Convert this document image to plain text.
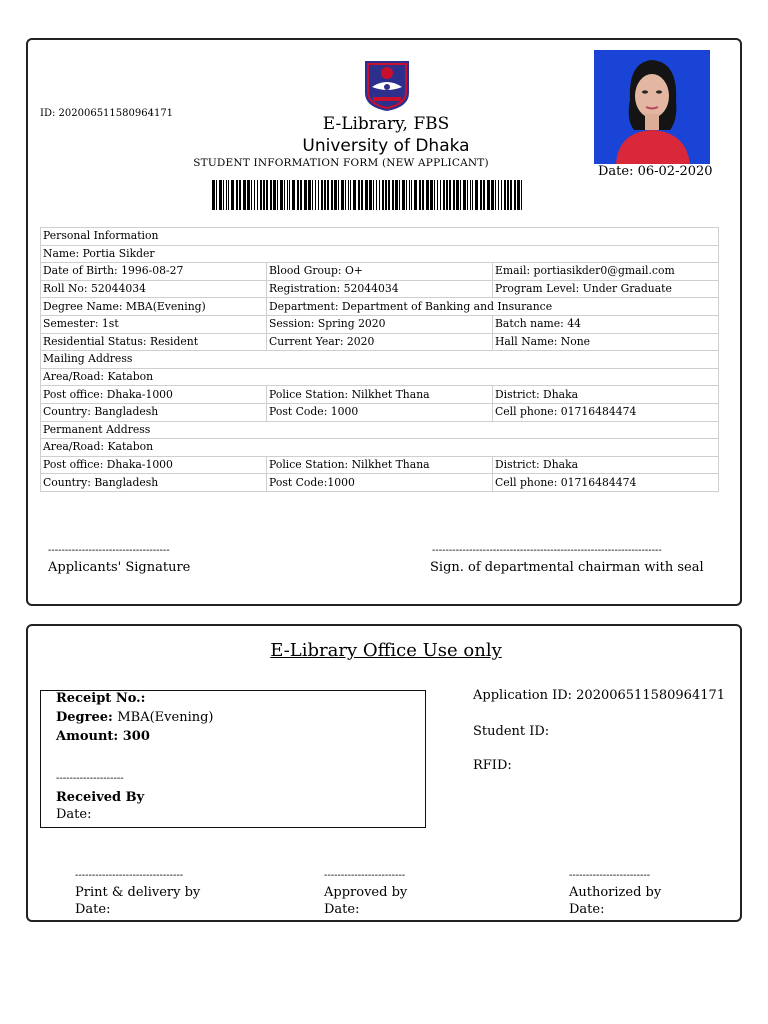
ID: 202006511580964171
E-Library, FBS
University of Dhaka
STUDENT INFORMATION FORM (NEW APPLICANT)
Date: 06-02-2020
Personal Information		
Name: Portia Sikder		
Date of Birth: 1996-08-27	Blood Group: O+	Email: portiasikder0@gmail.com
Roll No: 52044034	Registration: 52044034	Program Level: Under Graduate
Degree Name: MBA(Evening)	Department: Department of Banking and Insurance	
Semester: 1st	Session: Spring 2020	Batch name: 44
Residential Status: Resident	Current Year: 2020	Hall Name: None
Mailing Address		
Area/Road: Katabon		
Post office: Dhaka-1000	Police Station: Nilkhet Thana	District: Dhaka
Country: Bangladesh	Post Code: 1000	Cell phone: 01716484474
Permanent Address		
Area/Road: Katabon		
Post office: Dhaka-1000	Police Station: Nilkhet Thana	District: Dhaka
Country: Bangladesh	Post Code:1000	Cell phone: 01716484474
------------------------------------
Applicants' Signature
--------------------------------------------------------------------
Sign. of departmental chairman with seal
E-Library Office Use only
Receipt No.:
Degree: MBA(Evening)
Amount: 300
--------------------
Received By
Date:
Application ID: 202006511580964171
Student ID:
RFID:
--------------------------------
Print & delivery by
Date:
------------------------
Approved by
Date:
------------------------
Authorized by
Date:
